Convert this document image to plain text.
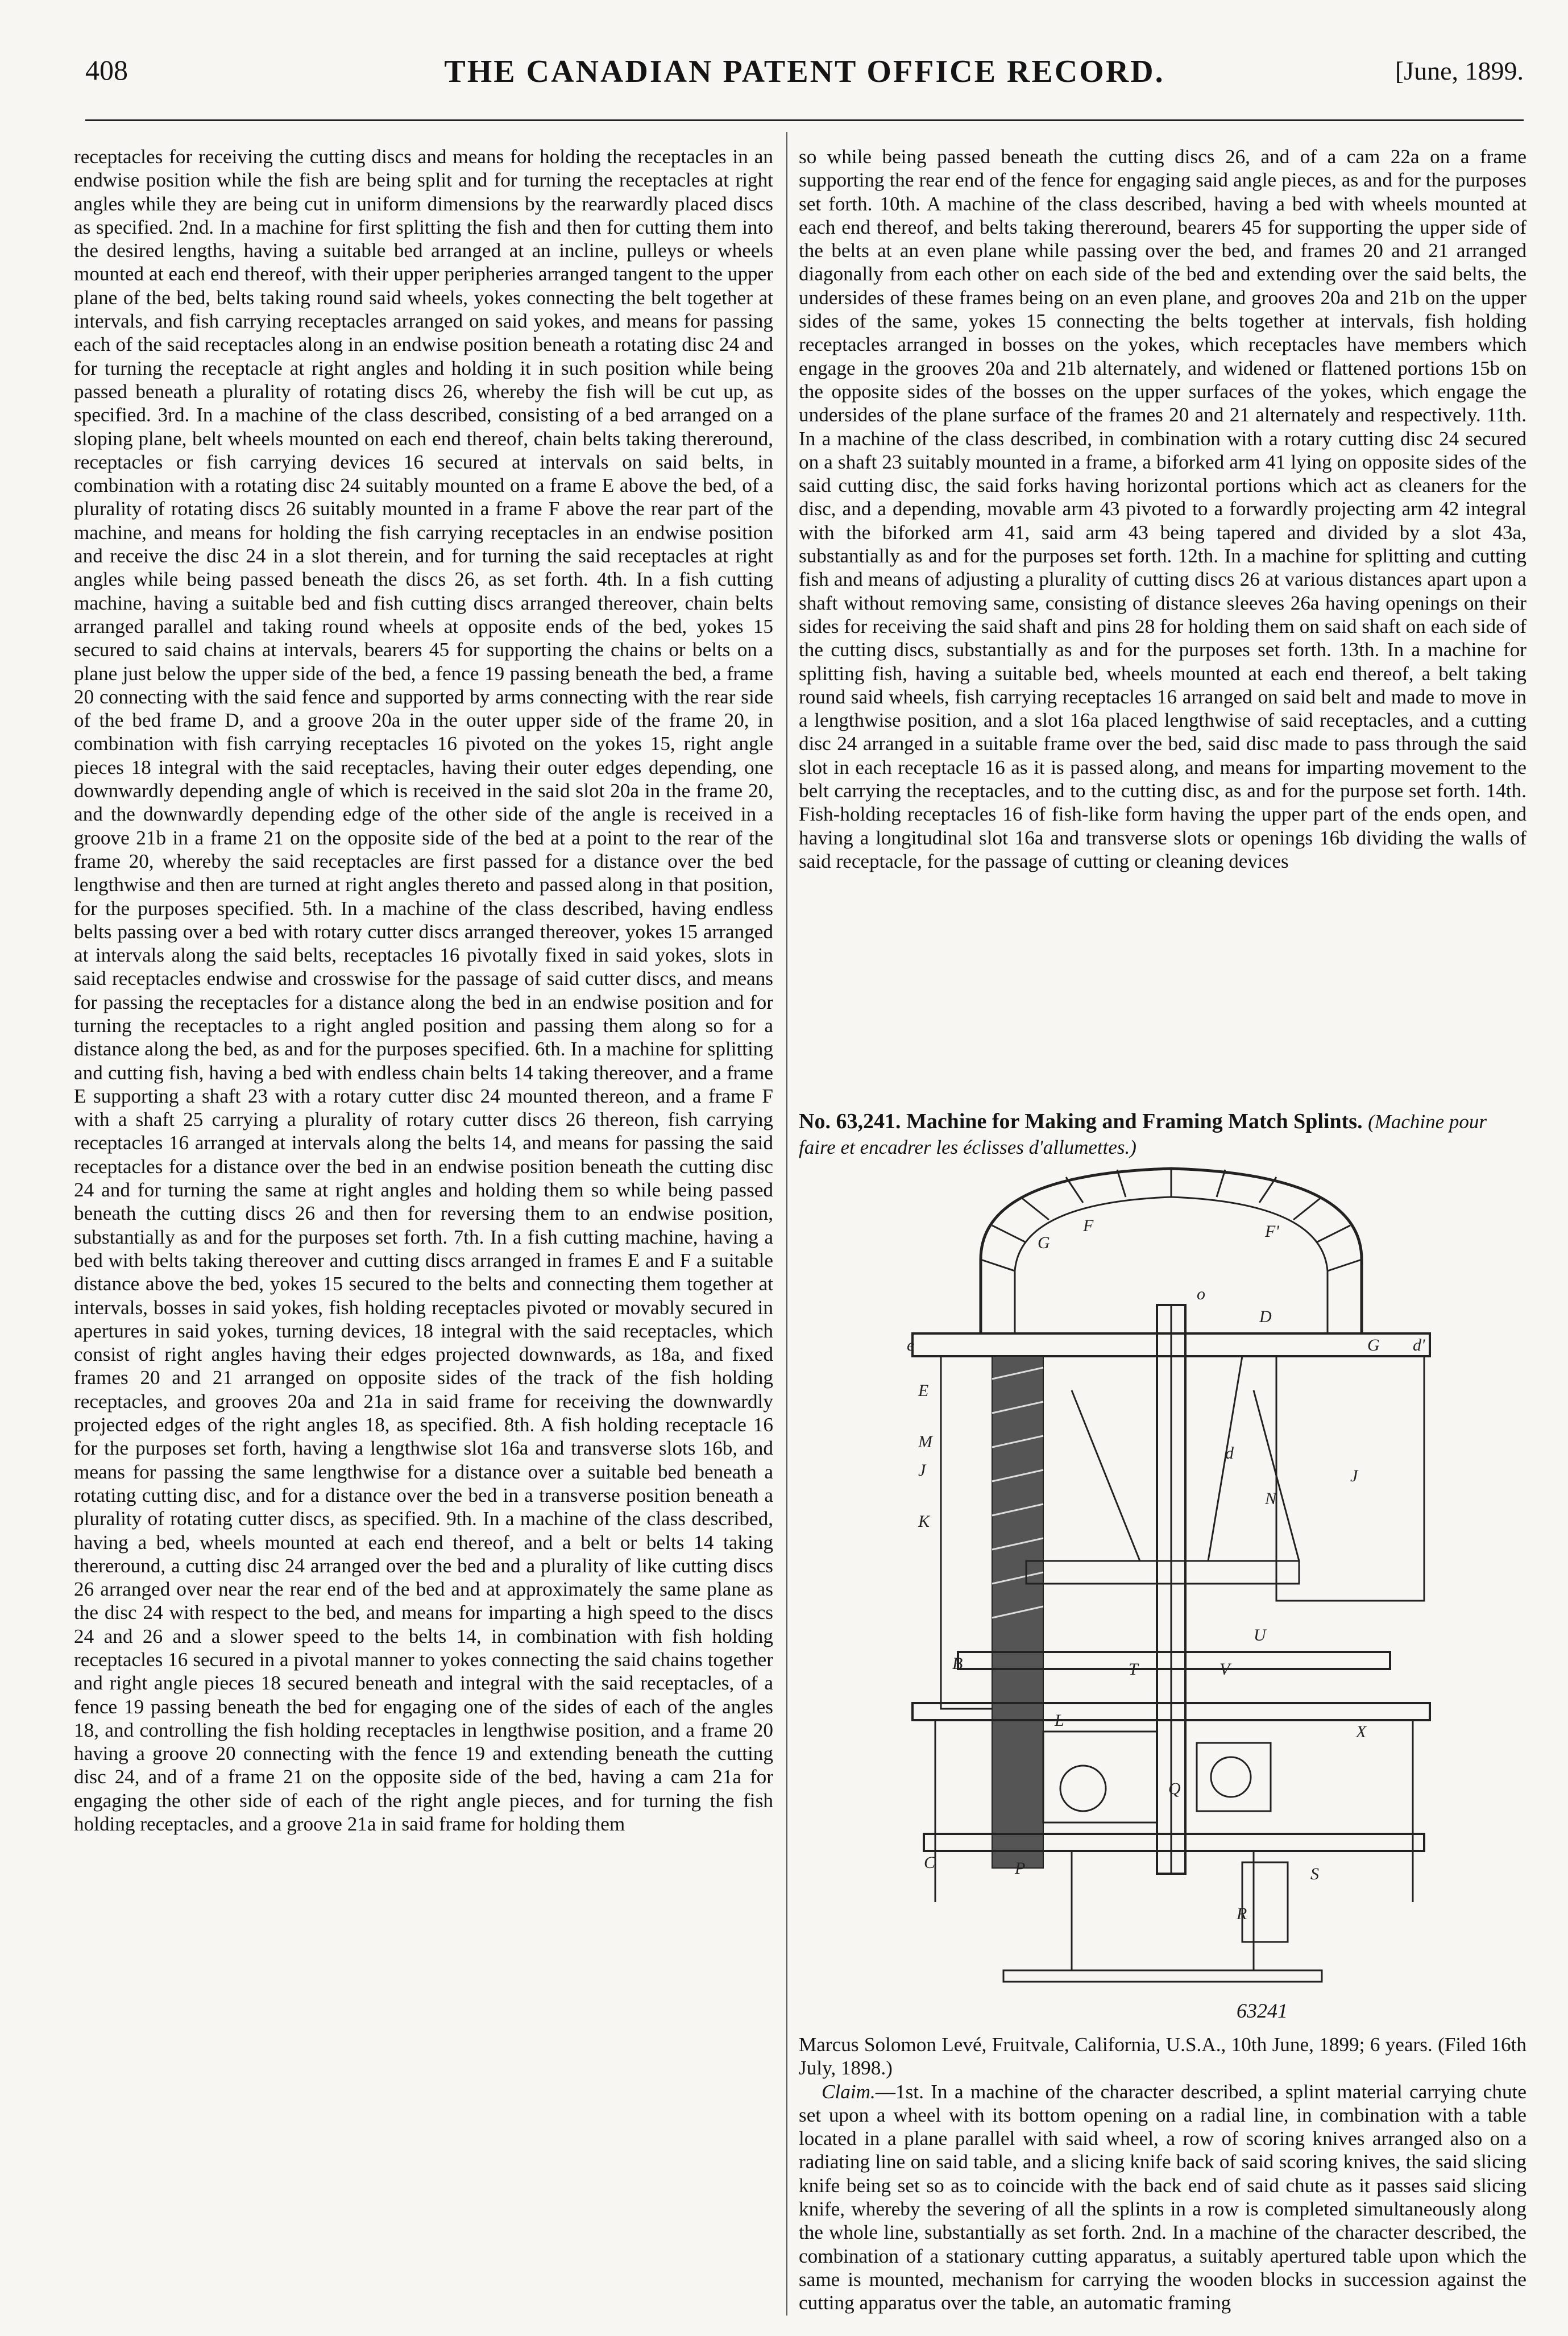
408	THE CANADIAN PATENT OFFICE RECORD.	[June, 1899.

receptacles for receiving the cutting discs and means for holding the receptacles in an endwise position while the fish are being split and for turning the receptacles at right angles while they are being cut in uniform dimensions by the rearwardly placed discs as specified. 2nd. In a machine for first splitting the fish and then for cutting them into the desired lengths, having a suitable bed arranged at an incline, pulleys or wheels mounted at each end thereof, with their upper peripheries arranged tangent to the upper plane of the bed, belts taking round said wheels, yokes connecting the belt together at intervals, and fish carrying receptacles arranged on said yokes, and means for passing each of the said receptacles along in an endwise position beneath a rotating disc 24 and for turning the receptacle at right angles and holding it in such position while being passed beneath a plurality of rotating discs 26, whereby the fish will be cut up, as specified. 3rd. In a machine of the class described, consisting of a bed arranged on a sloping plane, belt wheels mounted on each end thereof, chain belts taking thereround, receptacles or fish carrying devices 16 secured at intervals on said belts, in combination with a rotating disc 24 suitably mounted on a frame E above the bed, of a plurality of rotating discs 26 suitably mounted in a frame F above the rear part of the machine, and means for holding the fish carrying receptacles in an endwise position and receive the disc 24 in a slot therein, and for turning the said receptacles at right angles while being passed beneath the discs 26, as set forth. 4th. In a fish cutting machine, having a suitable bed and fish cutting discs arranged thereover, chain belts arranged parallel and taking round wheels at opposite ends of the bed, yokes 15 secured to said chains at intervals, bearers 45 for supporting the chains or belts on a plane just below the upper side of the bed, a fence 19 passing beneath the bed, a frame 20 connecting with the said fence and supported by arms connecting with the rear side of the bed frame D, and a groove 20a in the outer upper side of the frame 20, in combination with fish carrying receptacles 16 pivoted on the yokes 15, right angle pieces 18 integral with the said receptacles, having their outer edges depending, one downwardly depending angle of which is received in the said slot 20a in the frame 20, and the downwardly depending edge of the other side of the angle is received in a groove 21b in a frame 21 on the opposite side of the bed at a point to the rear of the frame 20, whereby the said receptacles are first passed for a distance over the bed lengthwise and then are turned at right angles thereto and passed along in that position, for the purposes specified. 5th. In a machine of the class described, having endless belts passing over a bed with rotary cutter discs arranged thereover, yokes 15 arranged at intervals along the said belts, receptacles 16 pivotally fixed in said yokes, slots in said receptacles endwise and crosswise for the passage of said cutter discs, and means for passing the receptacles for a distance along the bed in an endwise position and for turning the receptacles to a right angled position and passing them along so for a distance along the bed, as and for the purposes specified. 6th. In a machine for splitting and cutting fish, having a bed with endless chain belts 14 taking thereover, and a frame E supporting a shaft 23 with a rotary cutter disc 24 mounted thereon, and a frame F with a shaft 25 carrying a plurality of rotary cutter discs 26 thereon, fish carrying receptacles 16 arranged at intervals along the belts 14, and means for passing the said receptacles for a distance over the bed in an endwise position beneath the cutting disc 24 and for turning the same at right angles and holding them so while being passed beneath the cutting discs 26 and then for reversing them to an endwise position, substantially as and for the purposes set forth. 7th. In a fish cutting machine, having a bed with belts taking thereover and cutting discs arranged in frames E and F a suitable distance above the bed, yokes 15 secured to the belts and connecting them together at intervals, bosses in said yokes, fish holding receptacles pivoted or movably secured in apertures in said yokes, turning devices, 18 integral with the said receptacles, which consist of right angles having their edges projected downwards, as 18a, and fixed frames 20 and 21 arranged on opposite sides of the track of the fish holding receptacles, and grooves 20a and 21a in said frame for receiving the downwardly projected edges of the right angles 18, as specified. 8th. A fish holding receptacle 16 for the purposes set forth, having a lengthwise slot 16a and transverse slots 16b, and means for passing the same lengthwise for a distance over a suitable bed beneath a rotating cutting disc, and for a distance over the bed in a transverse position beneath a plurality of rotating cutter discs, as specified. 9th. In a machine of the class described, having a bed, wheels mounted at each end thereof, and a belt or belts 14 taking thereround, a cutting disc 24 arranged over the bed and a plurality of like cutting discs 26 arranged over near the rear end of the bed and at approximately the same plane as the disc 24 with respect to the bed, and means for imparting a high speed to the discs 24 and 26 and a slower speed to the belts 14, in combination with fish holding receptacles 16 secured in a pivotal manner to yokes connecting the said chains together and right angle pieces 18 secured beneath and integral with the said receptacles, of a fence 19 passing beneath the bed for engaging one of the sides of each of the angles 18, and controlling the fish holding receptacles in lengthwise position, and a frame 20 having a groove 20 connecting with the fence 19 and extending beneath the cutting disc 24, and of a frame 21 on the opposite side of the bed, having a cam 21a for engaging the other side of each of the right angle pieces, and for turning the fish holding receptacles, and a groove 21a in said frame for holding them

so while being passed beneath the cutting discs 26, and of a cam 22a on a frame supporting the rear end of the fence for engaging said angle pieces, as and for the purposes set forth. 10th. A machine of the class described, having a bed with wheels mounted at each end thereof, and belts taking thereround, bearers 45 for supporting the upper side of the belts at an even plane while passing over the bed, and frames 20 and 21 arranged diagonally from each other on each side of the bed and extending over the said belts, the undersides of these frames being on an even plane, and grooves 20a and 21b on the upper sides of the same, yokes 15 connecting the belts together at intervals, fish holding receptacles arranged in bosses on the yokes, which receptacles have members which engage in the grooves 20a and 21b alternately, and widened or flattened portions 15b on the opposite sides of the bosses on the upper surfaces of the yokes, which engage the undersides of the plane surface of the frames 20 and 21 alternately and respectively. 11th. In a machine of the class described, in combination with a rotary cutting disc 24 secured on a shaft 23 suitably mounted in a frame, a biforked arm 41 lying on opposite sides of the said cutting disc, the said forks having horizontal portions which act as cleaners for the disc, and a depending, movable arm 43 pivoted to a forwardly projecting arm 42 integral with the biforked arm 41, said arm 43 being tapered and divided by a slot 43a, substantially as and for the purposes set forth. 12th. In a machine for splitting and cutting fish and means of adjusting a plurality of cutting discs 26 at various distances apart upon a shaft without removing same, consisting of distance sleeves 26a having openings on their sides for receiving the said shaft and pins 28 for holding them on said shaft on each side of the cutting discs, substantially as and for the purposes set forth. 13th. In a machine for splitting fish, having a suitable bed, wheels mounted at each end thereof, a belt taking round said wheels, fish carrying receptacles 16 arranged on said belt and made to move in a lengthwise position, and a slot 16a placed lengthwise of said receptacles, and a cutting disc 24 arranged in a suitable frame over the bed, said disc made to pass through the said slot in each receptacle 16 as it is passed along, and means for imparting movement to the belt carrying the receptacles, and to the cutting disc, as and for the purpose set forth. 14th. Fish-holding receptacles 16 of fish-like form having the upper part of the ends open, and having a longitudinal slot 16a and transverse slots or openings 16b dividing the walls of said receptacle, for the passage of cutting or cleaning devices

No. 63,241. Machine for Making and Framing Match Splints. (Machine pour faire et encadrer les éclisses d'allumettes.)
G
F	F'
G
D
o
d
J
J
N
M
E
K
B
C
L
Q
R
S
P
T
U
V
X
e	d'
63241

Marcus Solomon Levé, Fruitvale, California, U.S.A., 10th June, 1899; 6 years. (Filed 16th July, 1898.)

Claim.—1st. In a machine of the character described, a splint material carrying chute set upon a wheel with its bottom opening on a radial line, in combination with a table located in a plane parallel with said wheel, a row of scoring knives arranged also on a radiating line on said table, and a slicing knife back of said scoring knives, the said slicing knife being set so as to coincide with the back end of said chute as it passes said slicing knife, whereby the severing of all the splints in a row is completed simultaneously along the whole line, substantially as set forth. 2nd. In a machine of the character described, the combination of a stationary cutting apparatus, a suitably apertured table upon which the same is mounted, mechanism for carrying the wooden blocks in succession against the cutting apparatus over the table, an automatic framing
